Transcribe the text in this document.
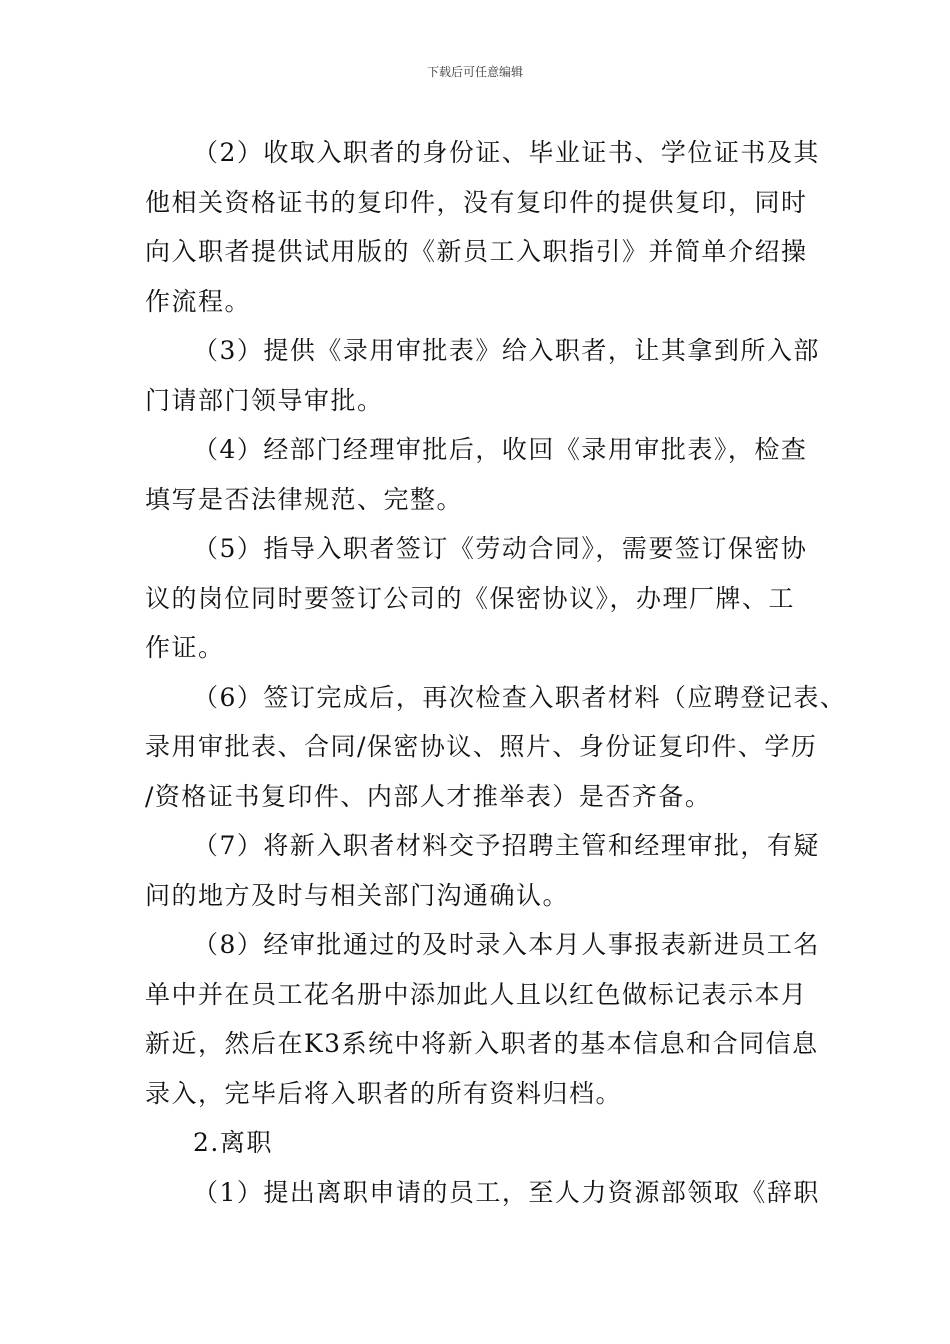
下载后可任意编辑
（2）收取入职者的身份证、毕业证书、学位证书及其
他相关资格证书的复印件，没有复印件的提供复印，同时
向入职者提供试用版的《新员工入职指引》并简单介绍操
作流程。
（3）提供《录用审批表》给入职者，让其拿到所入部
门请部门领导审批。
（4）经部门经理审批后，收回《录用审批表》，检查
填写是否法律规范、完整。
（5）指导入职者签订《劳动合同》，需要签订保密协
议的岗位同时要签订公司的《保密协议》，办理厂牌、工
作证。
（6）签订完成后，再次检查入职者材料（应聘登记表、
录用审批表、合同/保密协议、照片、身份证复印件、学历
/资格证书复印件、内部人才推举表）是否齐备。
（7）将新入职者材料交予招聘主管和经理审批，有疑
问的地方及时与相关部门沟通确认。
（8）经审批通过的及时录入本月人事报表新进员工名
单中并在员工花名册中添加此人且以红色做标记表示本月
新近，然后在K3系统中将新入职者的基本信息和合同信息
录入，完毕后将入职者的所有资料归档。
2.离职
（1）提出离职申请的员工，至人力资源部领取《辞职
